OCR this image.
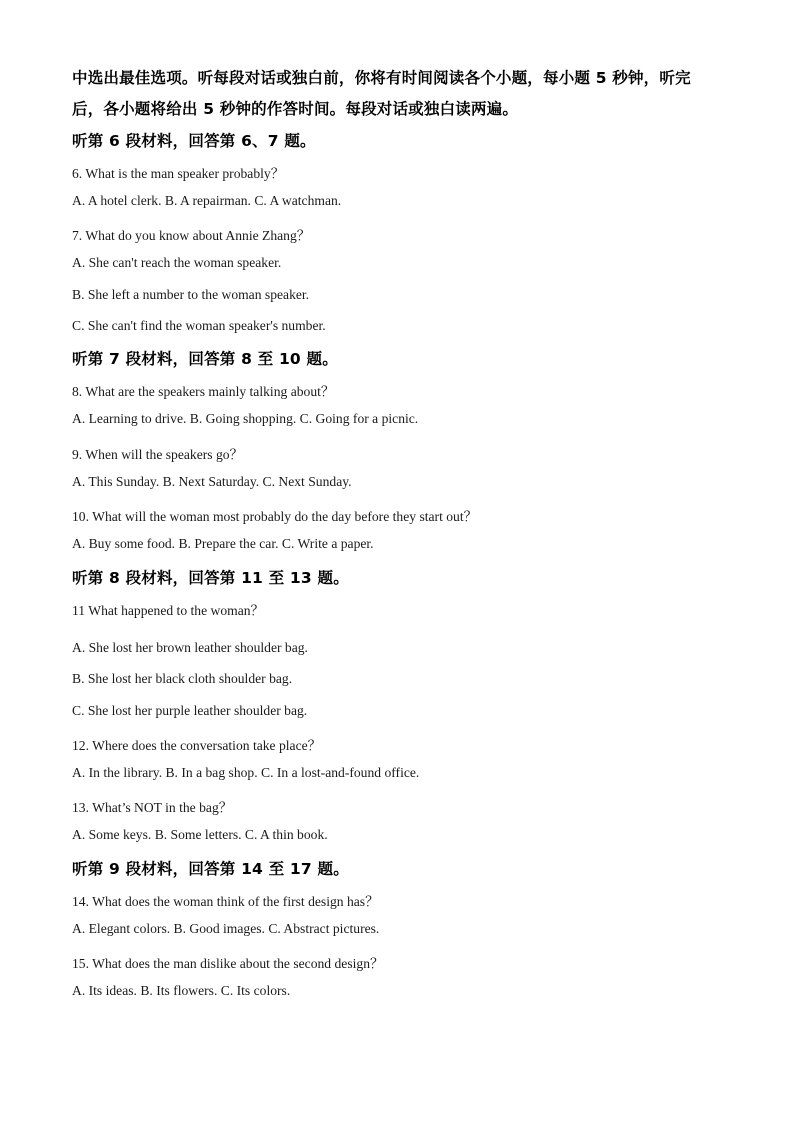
中选出最佳选项。听每段对话或独白前，你将有时间阅读各个小题，每小题 5 秒钟，听完
后，各小题将给出 5 秒钟的作答时间。每段对话或独白读两遍。
听第 6 段材料，回答第 6、7 题。
6. What is the man speaker probably？
A. A hotel clerk. B. A repairman. C. A watchman.
7. What do you know about Annie Zhang？
A. She can't reach the woman speaker.
B. She left a number to the woman speaker.
C. She can't find the woman speaker's number.
听第 7 段材料，回答第 8 至 10 题。
8. What are the speakers mainly talking about？
A. Learning to drive. B. Going shopping. C. Going for a picnic.
9. When will the speakers go？
A. This Sunday. B. Next Saturday. C. Next Sunday.
10. What will the woman most probably do the day before they start out？
A. Buy some food. B. Prepare the car. C. Write a paper.
听第 8 段材料，回答第 11 至 13 题。
11 What happened to the woman？
A. She lost her brown leather shoulder bag.
B. She lost her black cloth shoulder bag.
C. She lost her purple leather shoulder bag.
12. Where does the conversation take place？
A. In the library. B. In a bag shop. C. In a lost-and-found office.
13. What’s NOT in the bag？
A. Some keys. B. Some letters. C. A thin book.
听第 9 段材料，回答第 14 至 17 题。
14. What does the woman think of the first design has？
A. Elegant colors. B. Good images. C. Abstract pictures.
15. What does the man dislike about the second design？
A. Its ideas. B. Its flowers. C. Its colors.
